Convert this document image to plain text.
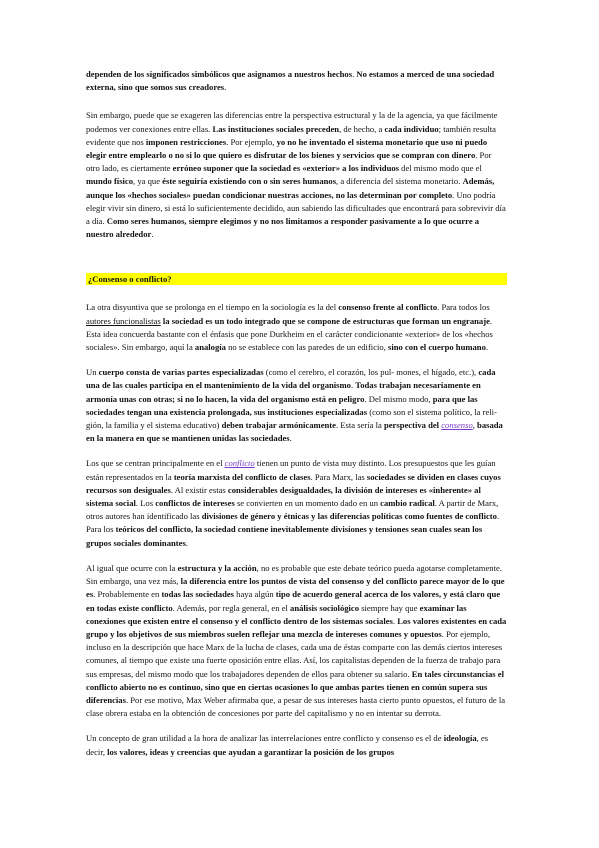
dependen de los significados simbólicos que asignamos a nuestros hechos. No estamos a merced de una sociedad externa, sino que somos sus creadores.

Sin embargo, puede que se exageren las diferencias entre la perspectiva estructural y la de la agencia, ya que fácilmente podemos ver conexiones entre ellas. Las instituciones sociales preceden, de hecho, a cada individuo; también resulta evidente que nos imponen restricciones. Por ejemplo, yo no he inventado el sistema monetario que uso ni puedo elegir entre emplearlo o no si lo que quiero es disfrutar de los bienes y servicios que se compran con dinero. Por otro lado, es ciertamente erróneo suponer que la sociedad es «exterior» a los individuos del mismo modo que el mundo físico, ya que éste seguiría existiendo con o sin seres humanos, a diferencia del sistema monetario. Además, aunque los «hechos sociales» puedan condicionar nuestras acciones, no las determinan por completo. Uno podría elegir vivir sin dinero, si está lo suficientemente decidido, aun sabiendo las dificultades que encontrará para sobrevivir día a día. Como seres humanos, siempre elegimos y no nos limitamos a responder pasivamente a lo que ocurre a nuestro alrededor.

¿Consenso o conflicto?

La otra disyuntiva que se prolonga en el tiempo en la sociología es la del consenso frente al conflicto. Para todos los autores funcionalistas la sociedad es un todo integrado que se compone de estructuras que forman un engranaje. Esta idea concuerda bastante con el énfasis que pone Durkheim en el carácter condicionante «exterior» de los «hechos sociales». Sin embargo, aquí la analogía no se establece con las paredes de un edificio, sino con el cuerpo humano.

Un cuerpo consta de varias partes especializadas (como el cerebro, el corazón, los pul- mones, el hígado, etc.), cada una de las cuales participa en el mantenimiento de la vida del organismo. Todas trabajan necesariamente en armonía unas con otras; si no lo hacen, la vida del organismo está en peligro. Del mismo modo, para que las sociedades tengan una existencia prolongada, sus instituciones especializadas (como son el sistema político, la reli- gión, la familia y el sistema educativo) deben trabajar armónicamente. Esta sería la perspectiva del consenso, basada en la manera en que se mantienen unidas las sociedades.

Los que se centran principalmente en el conflicto tienen un punto de vista muy distinto. Los presupuestos que les guían están representados en la teoría marxista del conflicto de clases. Para Marx, las sociedades se dividen en clases cuyos recursos son desiguales. Al existir estas considerables desigualdades, la división de intereses es «inherente» al sistema social. Los conflictos de intereses se convierten en un momento dado en un cambio radical. A partir de Marx, otros autores han identificado las divisiones de género y étnicas y las diferencias políticas como fuentes de conflicto. Para los teóricos del conflicto, la sociedad contiene inevitablemente divisiones y tensiones sean cuales sean los grupos sociales dominantes.

Al igual que ocurre con la estructura y la acción, no es probable que este debate teórico pueda agotarse completamente. Sin embargo, una vez más, la diferencia entre los puntos de vista del consenso y del conflicto parece mayor de lo que es. Probablemente en todas las sociedades haya algún tipo de acuerdo general acerca de los valores, y está claro que en todas existe conflicto. Además, por regla general, en el análisis sociológico siempre hay que examinar las conexiones que existen entre el consenso y el conflicto dentro de los sistemas sociales. Los valores existentes en cada grupo y los objetivos de sus miembros suelen reflejar una mezcla de intereses comunes y opuestos. Por ejemplo, incluso en la descripción que hace Marx de la lucha de clases, cada una de éstas comparte con las demás ciertos intereses comunes, al tiempo que existe una fuerte oposición entre ellas. Así, los capitalistas dependen de la fuerza de trabajo para sus empresas, del mismo modo que los trabajadores dependen de ellos para obtener su salario. En tales circunstancias el conflicto abierto no es continuo, sino que en ciertas ocasiones lo que ambas partes tienen en común supera sus diferencias. Por ese motivo, Max Weber afirmaba que, a pesar de sus intereses hasta cierto punto opuestos, el futuro de la clase obrera estaba en la obtención de concesiones por parte del capitalismo y no en intentar su derrota.

Un concepto de gran utilidad a la hora de analizar las interrelaciones entre conflicto y consenso es el de ideología, es decir, los valores, ideas y creencias que ayudan a garantizar la posición de los grupos
